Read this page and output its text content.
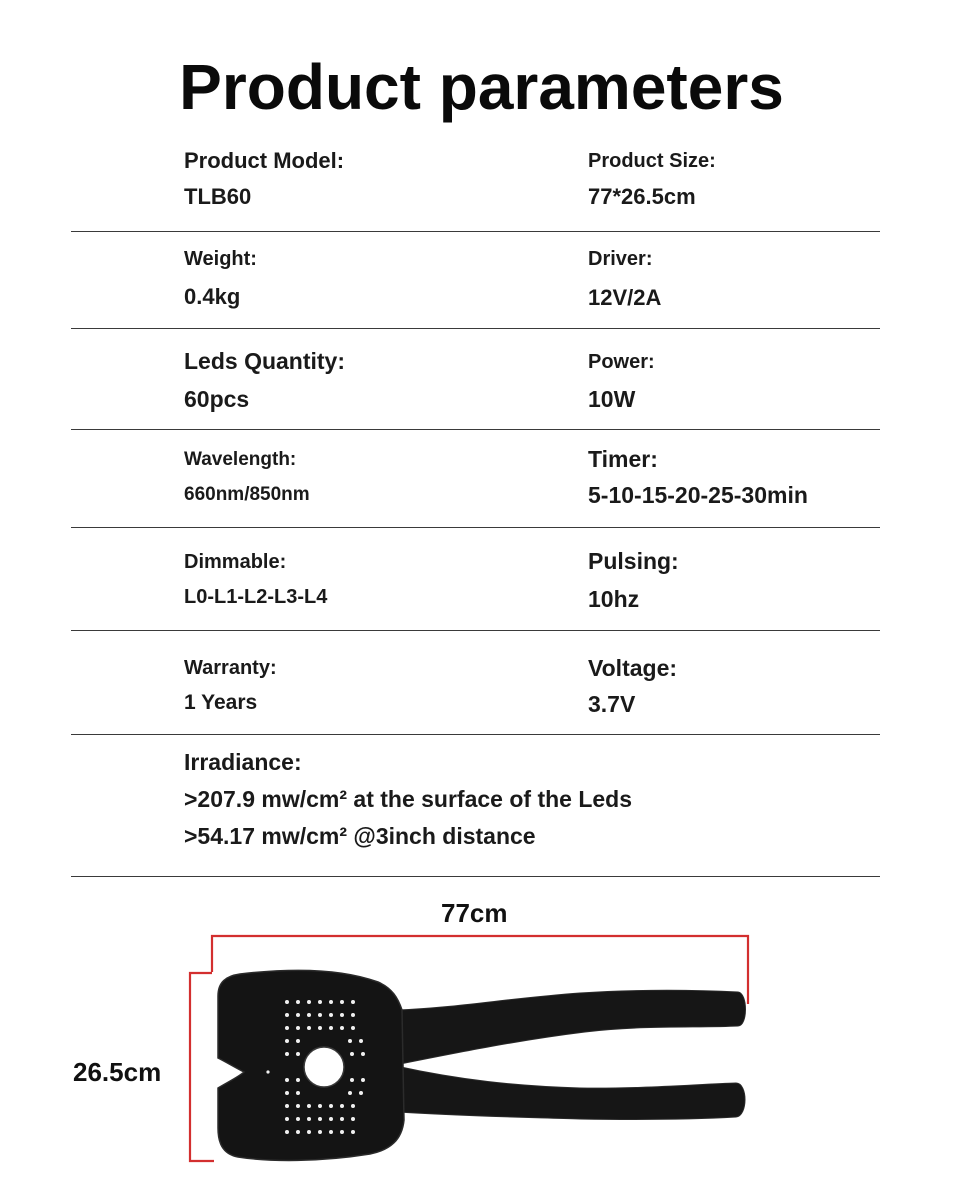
Product parameters
Product Model:
TLB60
Product Size:
77*26.5cm
Weight:
0.4kg
Driver:
12V/2A
Leds Quantity:
60pcs
Power:
10W
Wavelength:
660nm/850nm
Timer:
5-10-15-20-25-30min
Dimmable:
L0-L1-L2-L3-L4
Pulsing:
10hz
Warranty:
1 Years
Voltage:
3.7V
Irradiance:
>207.9 mw/cm² at the surface of the Leds
>54.17 mw/cm² @3inch distance
77cm
26.5cm
